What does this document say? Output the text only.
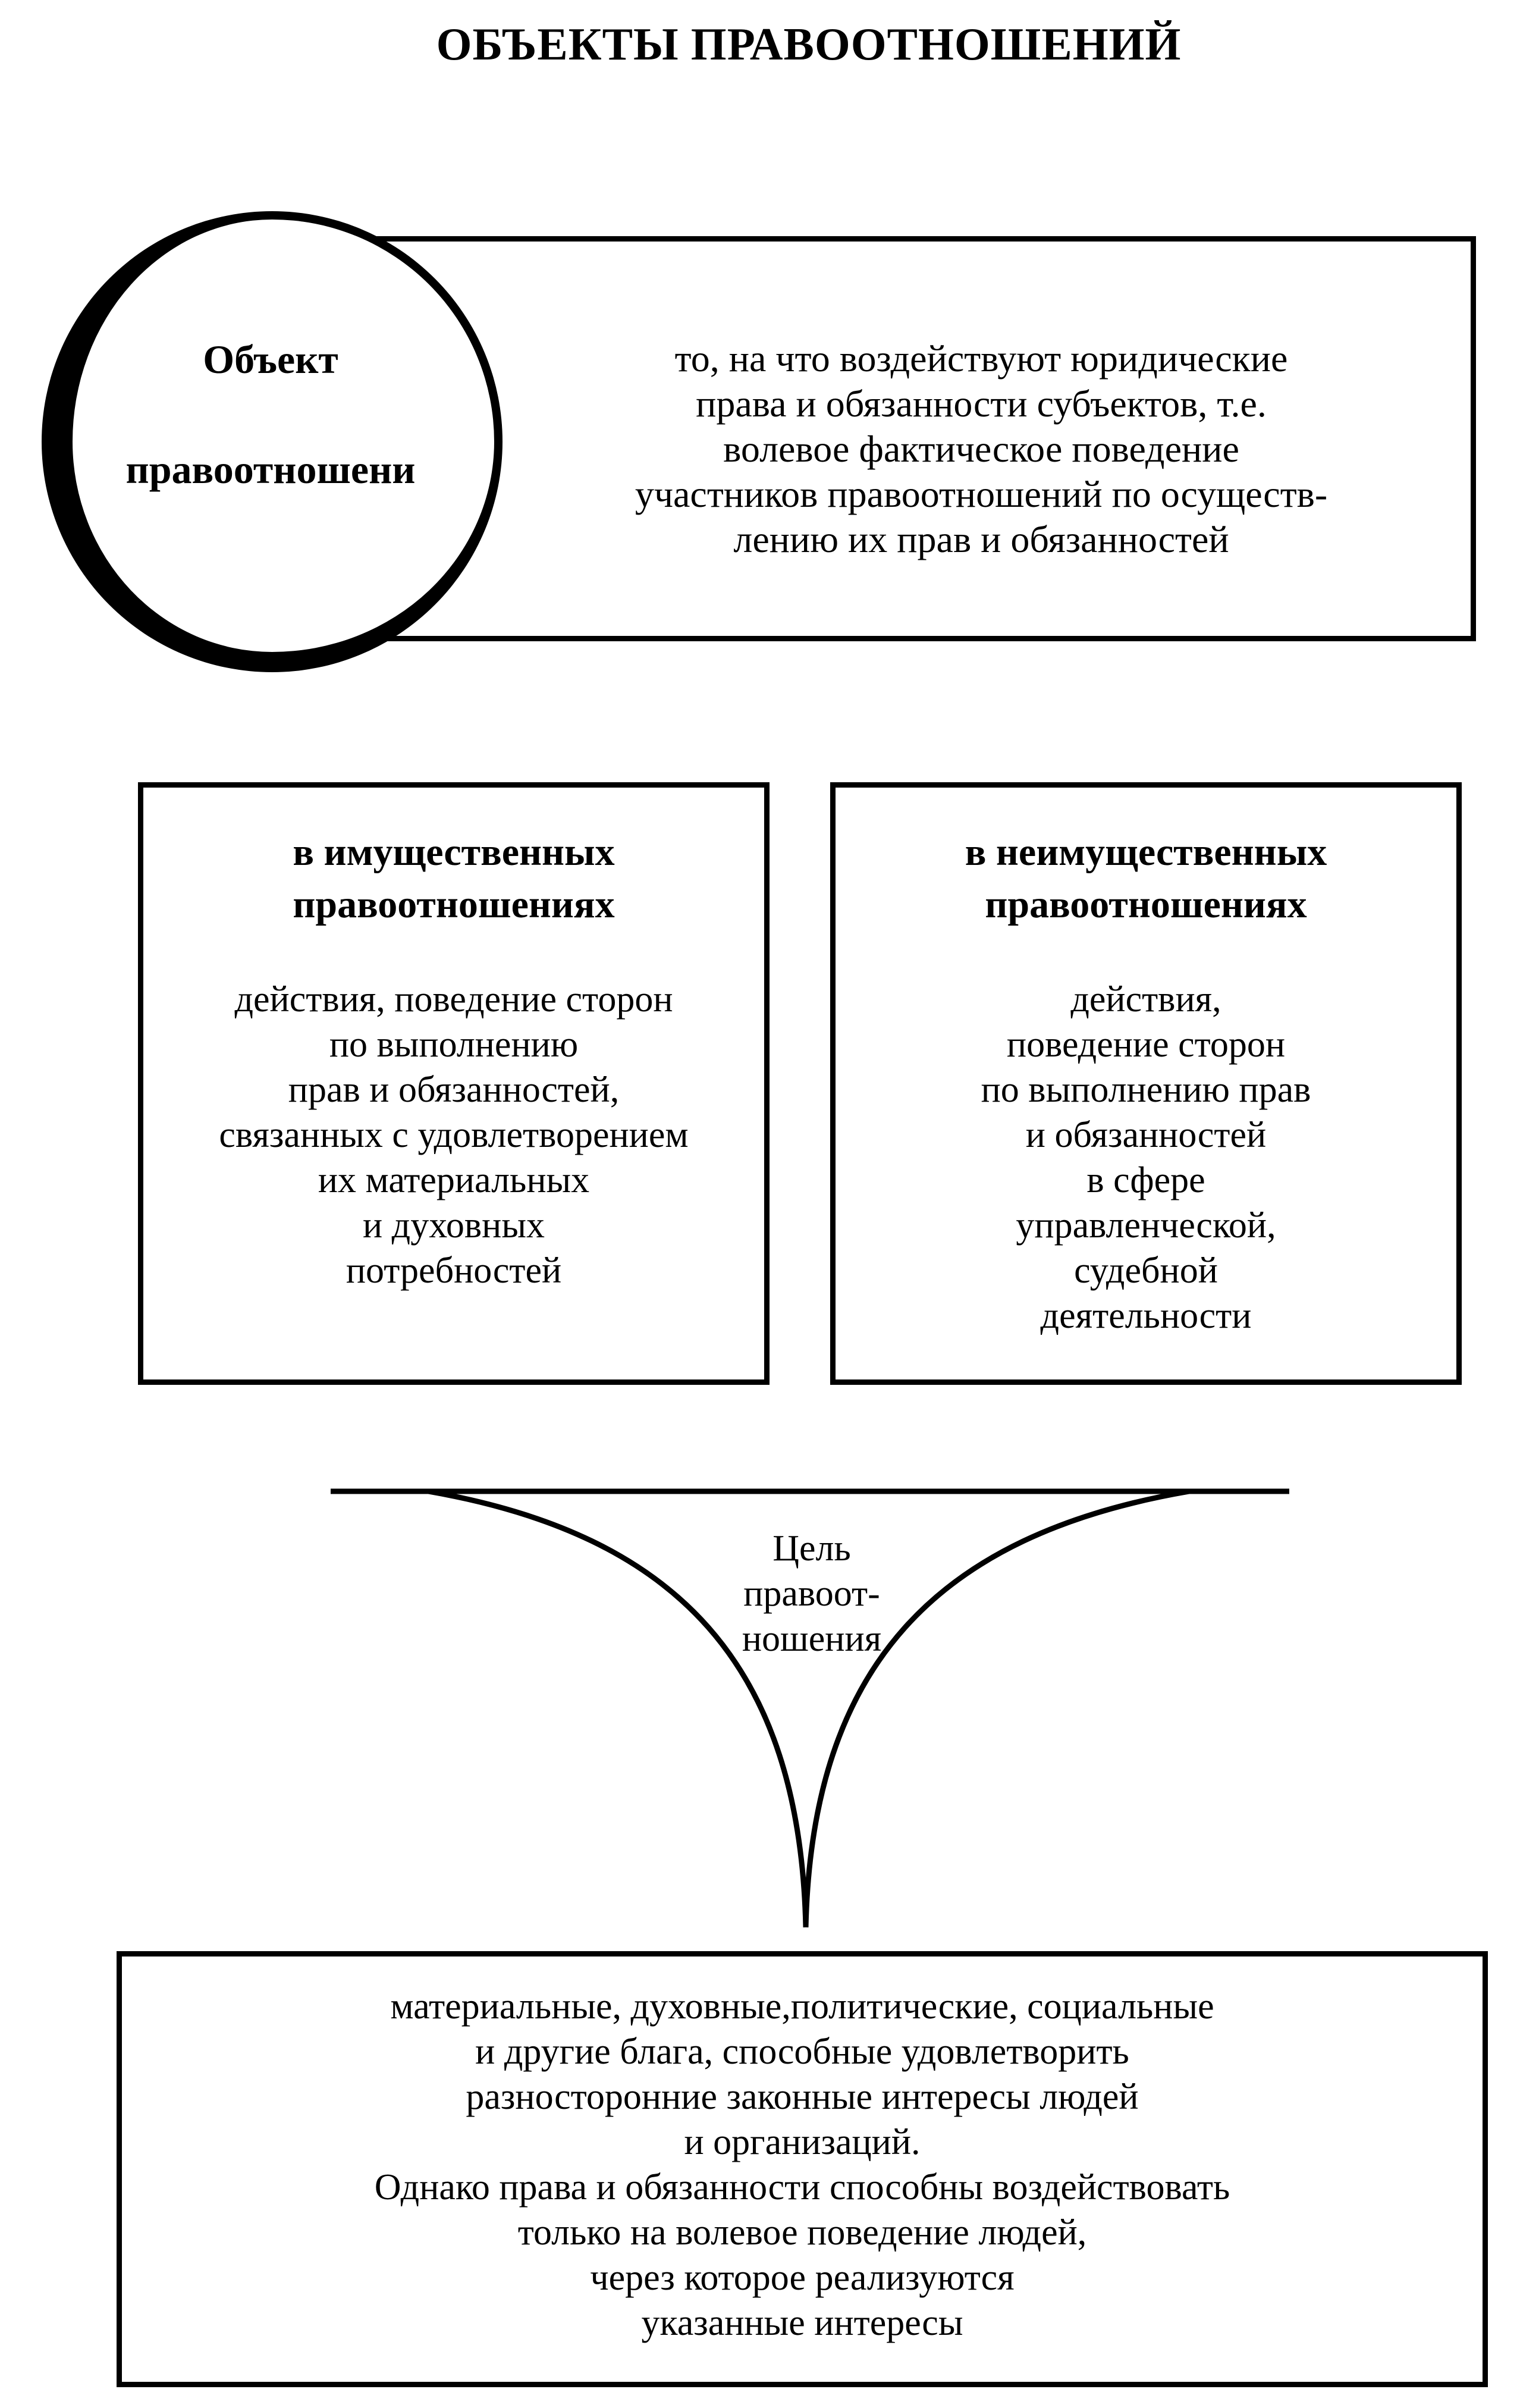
ОБЪЕКТЫ ПРАВООТНОШЕНИЙ
то, на что воздействуют юридические
права и обязанности субъектов, т.е.
волевое фактическое поведение
участников правоотношений по осуществ-
лению их прав и обязанностей
Объект
правоотношени
в имущественных
правоотношениях
действия, поведение сторон
по выполнению
прав и обязанностей,
связанных с удовлетворением
их материальных
и духовных
потребностей
в неимущественных
правоотношениях
действия,
поведение сторон
по выполнению прав
и обязанностей
в сфере
управленческой,
судебной
деятельности
Цель
правоот-
ношения
материальные, духовные,политические, социальные
и другие блага, способные удовлетворить
разносторонние законные интересы людей
и организаций.
Однако права и обязанности способны воздействовать
только на волевое поведение людей,
через которое реализуются
указанные интересы
